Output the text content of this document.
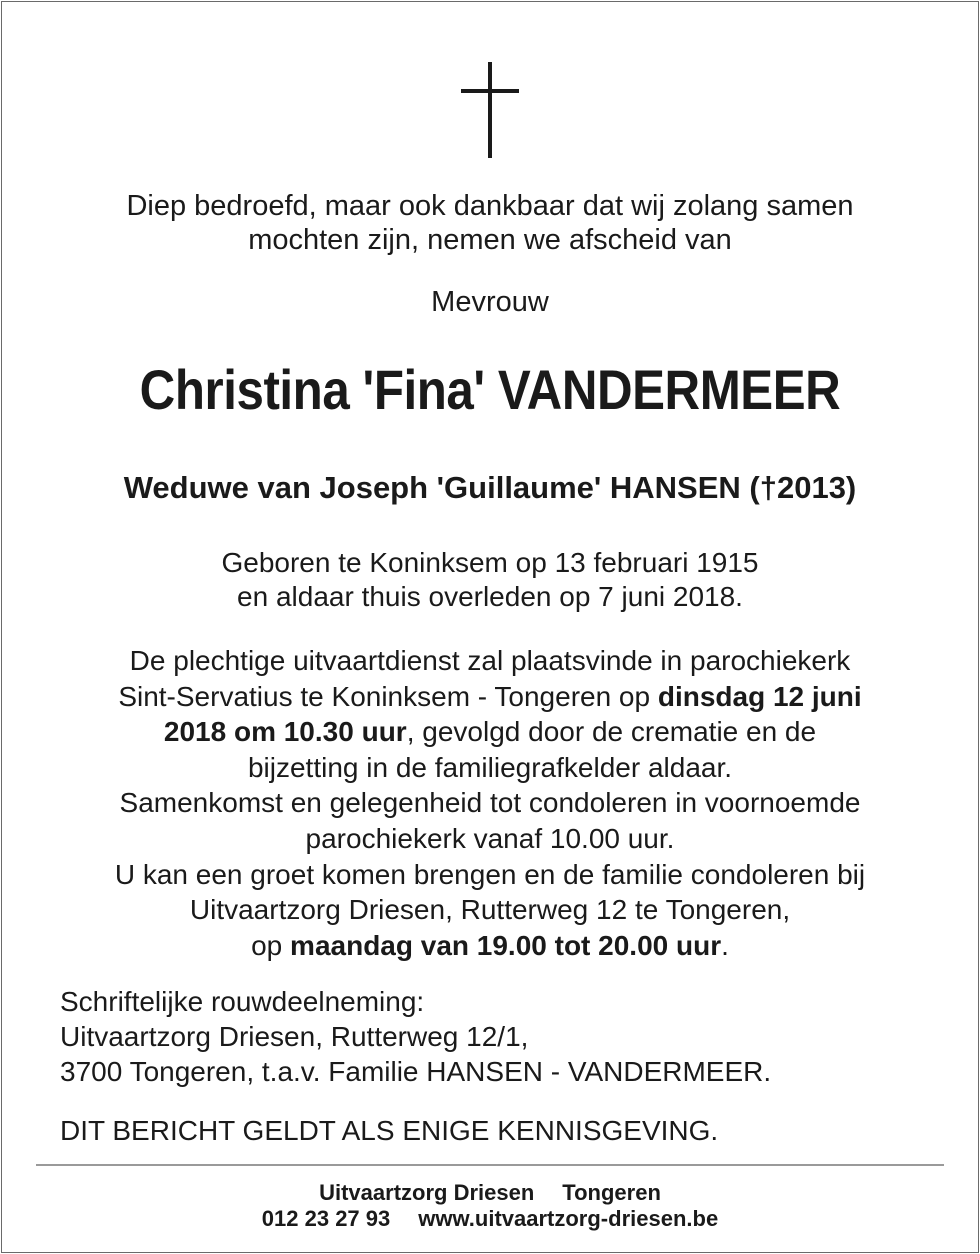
Diep bedroefd, maar ook dankbaar dat wij zolang samen
mochten zijn, nemen we afscheid van
Mevrouw
Christina 'Fina' VANDERMEER
Weduwe van Joseph 'Guillaume' HANSEN (†2013)
Geboren te Koninksem op 13 februari 1915
en aldaar thuis overleden op 7 juni 2018.
De plechtige uitvaartdienst zal plaatsvinde in parochiekerk
Sint-Servatius te Koninksem - Tongeren op dinsdag 12 juni
2018 om 10.30 uur, gevolgd door de crematie en de
bijzetting in de familiegrafkelder aldaar.
Samenkomst en gelegenheid tot condoleren in voornoemde
parochiekerk vanaf 10.00 uur.
U kan een groet komen brengen en de familie condoleren bij
Uitvaartzorg Driesen, Rutterweg 12 te Tongeren,
op maandag van 19.00 tot 20.00 uur.
Schriftelijke rouwdeelneming:
Uitvaartzorg Driesen, Rutterweg 12/1,
3700 Tongeren, t.a.v. Familie HANSEN - VANDERMEER.
DIT BERICHT GELDT ALS ENIGE KENNISGEVING.
Uitvaartzorg Driesen Tongeren
012 23 27 93 www.uitvaartzorg-driesen.be
